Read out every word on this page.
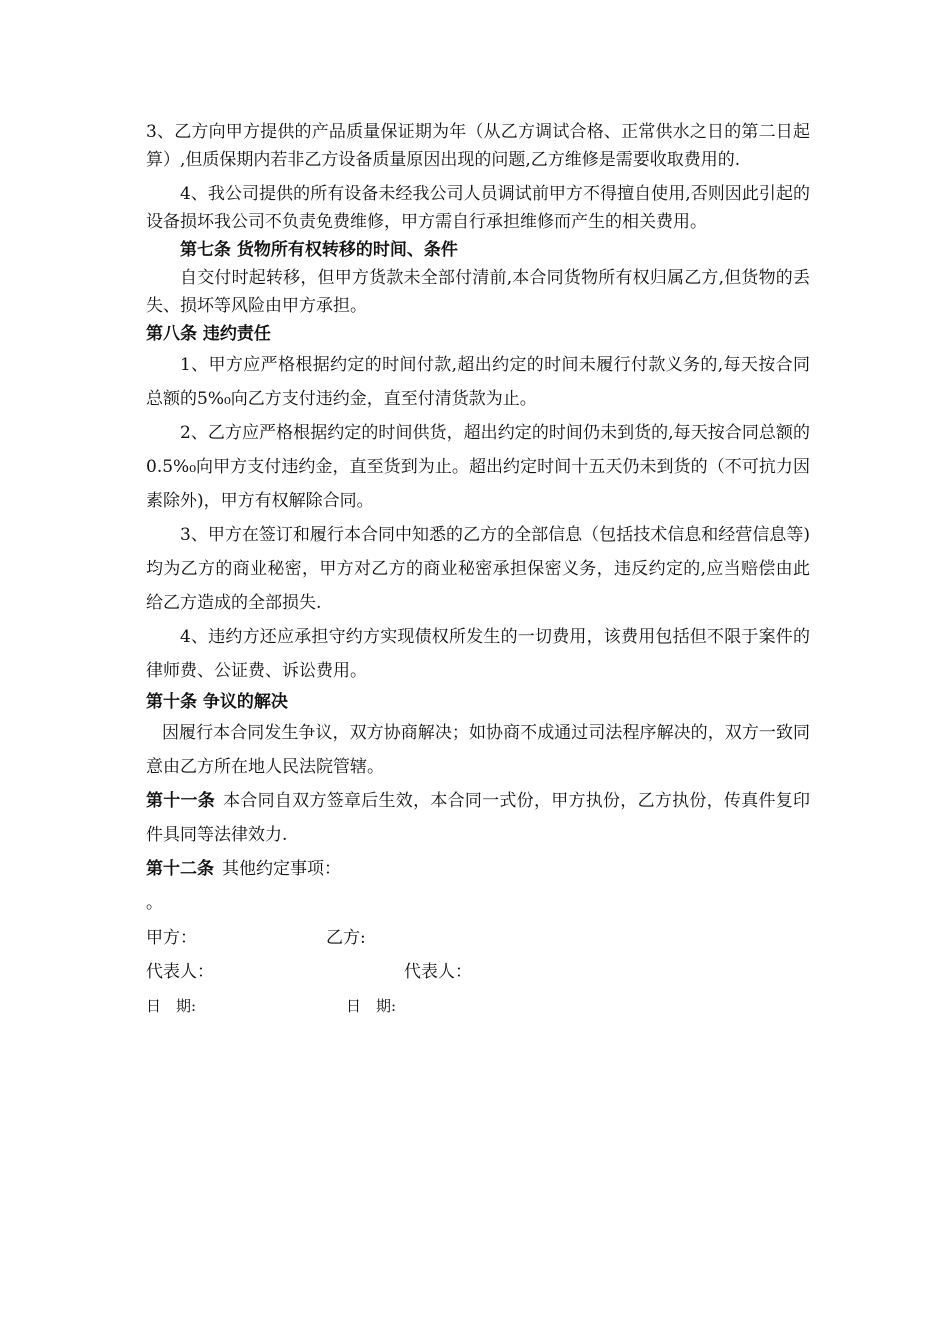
3、乙方向甲方提供的产品质量保证期为年（从乙方调试合格、正常供水之日的第二日起算）,但质保期内若非乙方设备质量原因出现的问题,乙方维修是需要收取费用的.

4、我公司提供的所有设备未经我公司人员调试前甲方不得擅自使用,否则因此引起的设备损坏我公司不负责免费维修，甲方需自行承担维修而产生的相关费用。

第七条 货物所有权转移的时间、条件

自交付时起转移，但甲方货款未全部付清前,本合同货物所有权归属乙方,但货物的丢失、损坏等风险由甲方承担。

第八条 违约责任

1、甲方应严格根据约定的时间付款,超出约定的时间未履行付款义务的,每天按合同总额的5%₀向乙方支付违约金，直至付清货款为止。

2、乙方应严格根据约定的时间供货，超出约定的时间仍未到货的,每天按合同总额的0.5%₀向甲方支付违约金，直至货到为止。超出约定时间十五天仍未到货的（不可抗力因素除外)，甲方有权解除合同。

3、甲方在签订和履行本合同中知悉的乙方的全部信息（包括技术信息和经营信息等)均为乙方的商业秘密，甲方对乙方的商业秘密承担保密义务，违反约定的,应当赔偿由此给乙方造成的全部损失.

4、违约方还应承担守约方实现债权所发生的一切费用，该费用包括但不限于案件的律师费、公证费、诉讼费用。

第十条 争议的解决

因履行本合同发生争议，双方协商解决；如协商不成通过司法程序解决的，双方一致同意由乙方所在地人民法院管辖。

第十一条 本合同自双方签章后生效，本合同一式份，甲方执份，乙方执份，传真件复印件具同等法律效力.

第十二条 其他约定事项：

。

甲方：	乙方:
代表人：	代表人：
日　期:	日　期:
